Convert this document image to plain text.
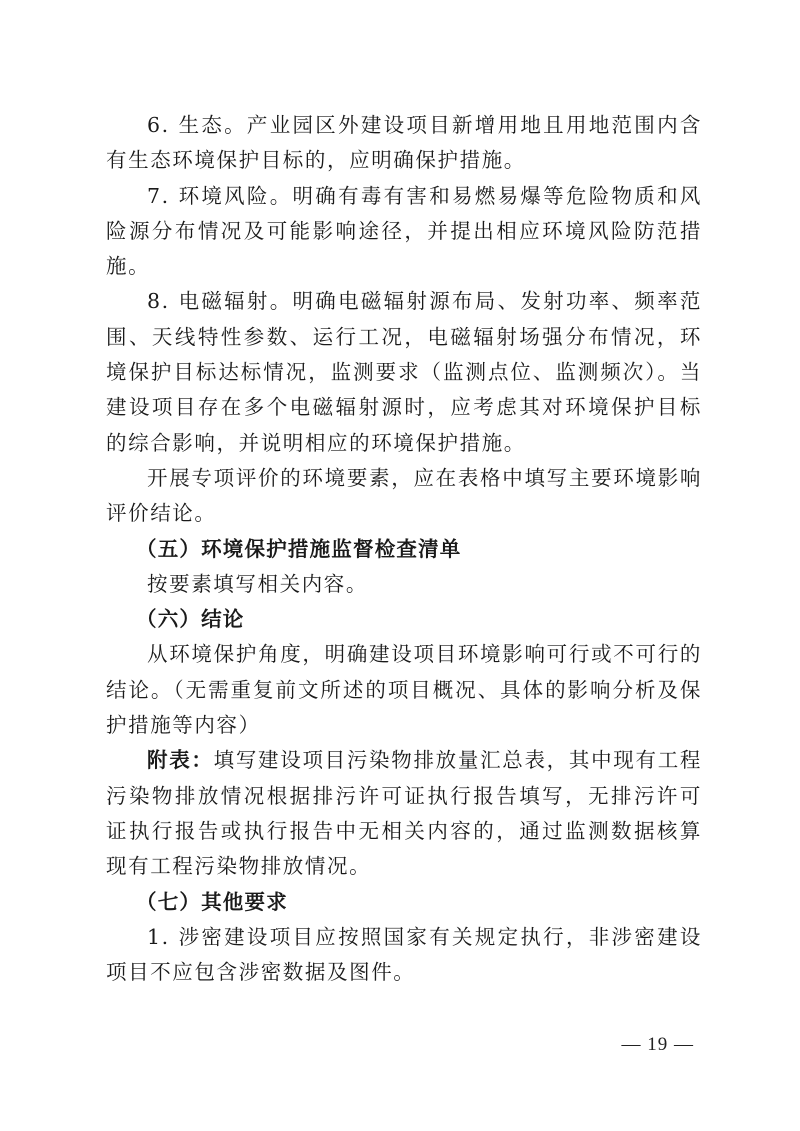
6. 生态。产业园区外建设项目新增用地且用地范围内含有生态环境保护目标的，应明确保护措施。

7. 环境风险。明确有毒有害和易燃易爆等危险物质和风险源分布情况及可能影响途径，并提出相应环境风险防范措施。

8. 电磁辐射。明确电磁辐射源布局、发射功率、频率范围、天线特性参数、运行工况，电磁辐射场强分布情况，环境保护目标达标情况，监测要求（监测点位、监测频次）。当建设项目存在多个电磁辐射源时，应考虑其对环境保护目标的综合影响，并说明相应的环境保护措施。

开展专项评价的环境要素，应在表格中填写主要环境影响评价结论。

（五）环境保护措施监督检查清单

按要素填写相关内容。

（六）结论

从环境保护角度，明确建设项目环境影响可行或不可行的结论。（无需重复前文所述的项目概况、具体的影响分析及保护措施等内容）

附表：填写建设项目污染物排放量汇总表，其中现有工程污染物排放情况根据排污许可证执行报告填写，无排污许可证执行报告或执行报告中无相关内容的，通过监测数据核算现有工程污染物排放情况。

（七）其他要求

1. 涉密建设项目应按照国家有关规定执行，非涉密建设项目不应包含涉密数据及图件。

— 19 —
